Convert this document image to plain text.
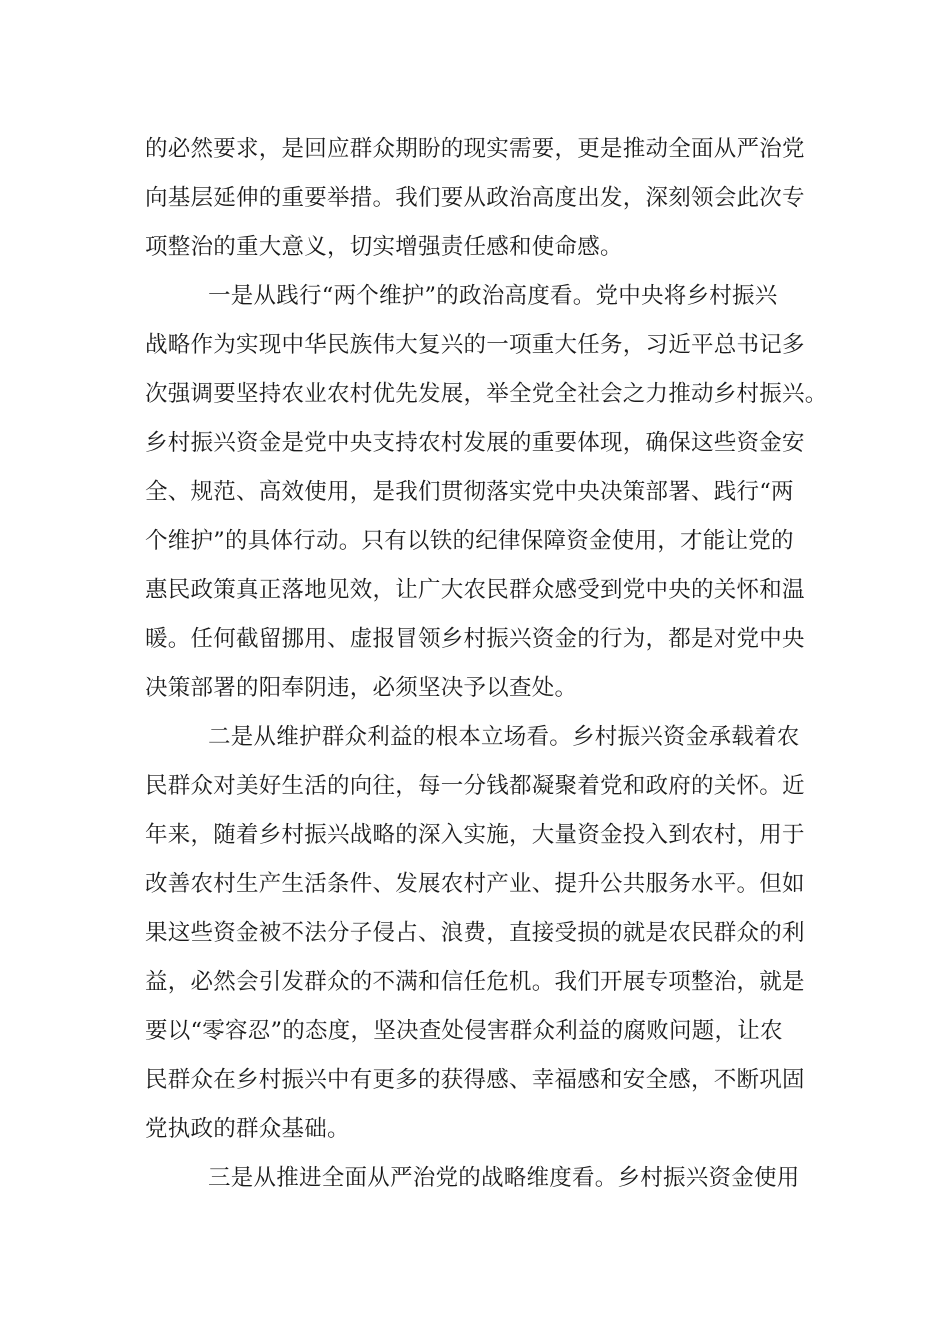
的必然要求，是回应群众期盼的现实需要，更是推动全面从严治党
向基层延伸的重要举措。我们要从政治高度出发，深刻领会此次专
项整治的重大意义，切实增强责任感和使命感。
一是从践行“两个维护”的政治高度看。党中央将乡村振兴
战略作为实现中华民族伟大复兴的一项重大任务，习近平总书记多
次强调要坚持农业农村优先发展，举全党全社会之力推动乡村振兴。
乡村振兴资金是党中央支持农村发展的重要体现，确保这些资金安
全、规范、高效使用，是我们贯彻落实党中央决策部署、践行“两
个维护”的具体行动。只有以铁的纪律保障资金使用，才能让党的
惠民政策真正落地见效，让广大农民群众感受到党中央的关怀和温
暖。任何截留挪用、虚报冒领乡村振兴资金的行为，都是对党中央
决策部署的阳奉阴违，必须坚决予以查处。
二是从维护群众利益的根本立场看。乡村振兴资金承载着农
民群众对美好生活的向往，每一分钱都凝聚着党和政府的关怀。近
年来，随着乡村振兴战略的深入实施，大量资金投入到农村，用于
改善农村生产生活条件、发展农村产业、提升公共服务水平。但如
果这些资金被不法分子侵占、浪费，直接受损的就是农民群众的利
益，必然会引发群众的不满和信任危机。我们开展专项整治，就是
要以“零容忍”的态度，坚决查处侵害群众利益的腐败问题，让农
民群众在乡村振兴中有更多的获得感、幸福感和安全感，不断巩固
党执政的群众基础。
三是从推进全面从严治党的战略维度看。乡村振兴资金使用
